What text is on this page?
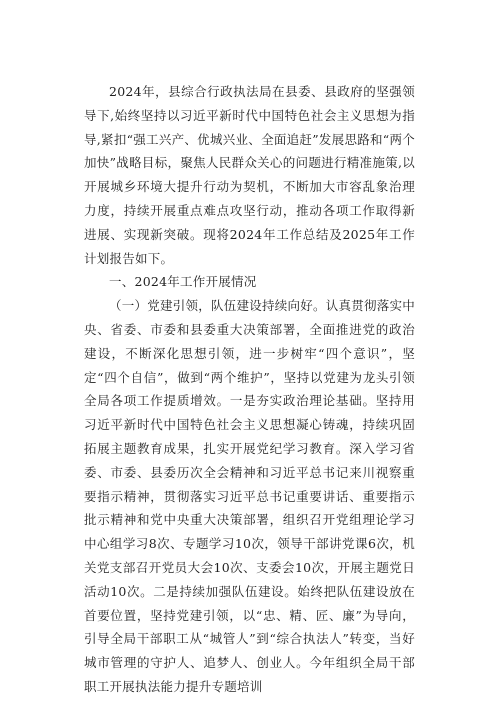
2024年，县综合行政执法局在县委、县政府的坚强领导下,始终坚持以习近平新时代中国特色社会主义思想为指导,紧扣“强工兴产、优城兴业、全面追赶”发展思路和“两个加快”战略目标，聚焦人民群众关心的问题进行精准施策,以开展城乡环境大提升行动为契机，不断加大市容乱象治理力度，持续开展重点难点攻坚行动，推动各项工作取得新进展、实现新突破。现将2024年工作总结及2025年工作计划报告如下。

一、2024年工作开展情况

（一）党建引领，队伍建设持续向好。认真贯彻落实中央、省委、市委和县委重大决策部署，全面推进党的政治建设，不断深化思想引领，进一步树牢“四个意识”，坚定“四个自信”，做到“两个维护”，坚持以党建为龙头引领全局各项工作提质增效。一是夯实政治理论基础。坚持用习近平新时代中国特色社会主义思想凝心铸魂，持续巩固拓展主题教育成果，扎实开展党纪学习教育。深入学习省委、市委、县委历次全会精神和习近平总书记来川视察重要指示精神，贯彻落实习近平总书记重要讲话、重要指示批示精神和党中央重大决策部署，组织召开党组理论学习中心组学习8次、专题学习10次，领导干部讲党课6次，机关党支部召开党员大会10次、支委会10次，开展主题党日活动10次。二是持续加强队伍建设。始终把队伍建设放在首要位置，坚持党建引领，以“忠、精、匠、廉”为导向，引导全局干部职工从“城管人”到“综合执法人”转变，当好城市管理的守护人、追梦人、创业人。今年组织全局干部职工开展执法能力提升专题培训
